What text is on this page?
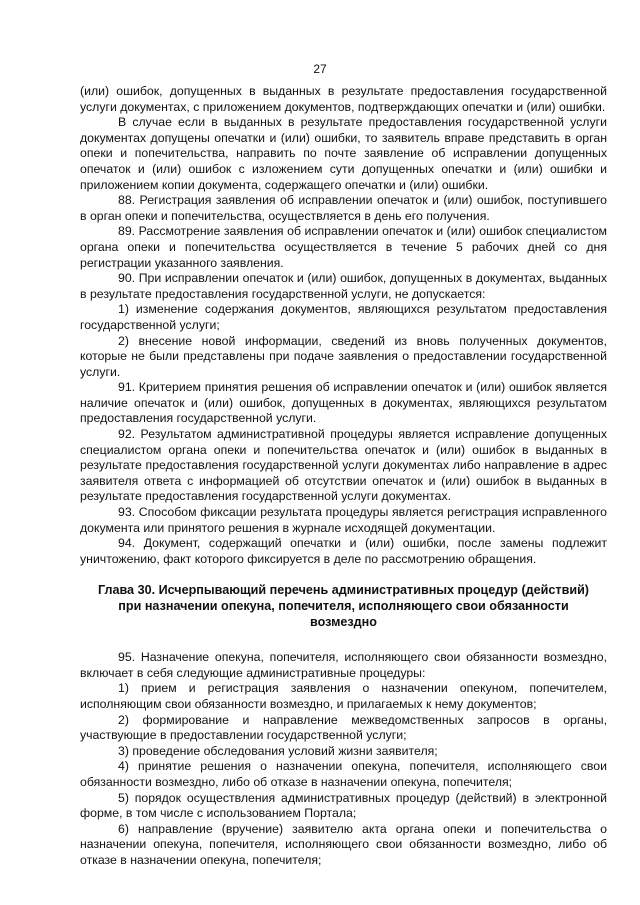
27

(или) ошибок, допущенных в выданных в результате предоставления государственной услуги документах, с приложением документов, подтверждающих опечатки и (или) ошибки.

В случае если в выданных в результате предоставления государственной услуги документах допущены опечатки и (или) ошибки, то заявитель вправе представить в орган опеки и попечительства, направить по почте заявление об исправлении допущенных опечаток и (или) ошибок с изложением сути допущенных опечатки и (или) ошибки и приложением копии документа, содержащего опечатки и (или) ошибки.

88. Регистрация заявления об исправлении опечаток и (или) ошибок, поступившего в орган опеки и попечительства, осуществляется в день его получения.

89. Рассмотрение заявления об исправлении опечаток и (или) ошибок специалистом органа опеки и попечительства осуществляется в течение 5 рабочих дней со дня регистрации указанного заявления.

90. При исправлении опечаток и (или) ошибок, допущенных в документах, выданных в результате предоставления государственной услуги, не допускается:

1) изменение содержания документов, являющихся результатом предоставления государственной услуги;

2) внесение новой информации, сведений из вновь полученных документов, которые не были представлены при подаче заявления о предоставлении государственной услуги.

91. Критерием принятия решения об исправлении опечаток и (или) ошибок является наличие опечаток и (или) ошибок, допущенных в документах, являющихся результатом предоставления государственной услуги.

92. Результатом административной процедуры является исправление допущенных специалистом органа опеки и попечительства опечаток и (или) ошибок в выданных в результате предоставления государственной услуги документах либо направление в адрес заявителя ответа с информацией об отсутствии опечаток и (или) ошибок в выданных в результате предоставления государственной услуги документах.

93. Способом фиксации результата процедуры является регистрация исправленного документа или принятого решения в журнале исходящей документации.

94. Документ, содержащий опечатки и (или) ошибки, после замены подлежит уничтожению, факт которого фиксируется в деле по рассмотрению обращения.

Глава 30. Исчерпывающий перечень административных процедур (действий)
при назначении опекуна, попечителя, исполняющего свои обязанности
возмездно

95. Назначение опекуна, попечителя, исполняющего свои обязанности возмездно, включает в себя следующие административные процедуры:

1) прием и регистрация заявления о назначении опекуном, попечителем, исполняющим свои обязанности возмездно, и прилагаемых к нему документов;

2) формирование и направление межведомственных запросов в органы, участвующие в предоставлении государственной услуги;

3) проведение обследования условий жизни заявителя;

4) принятие решения о назначении опекуна, попечителя, исполняющего свои обязанности возмездно, либо об отказе в назначении опекуна, попечителя;

5) порядок осуществления административных процедур (действий) в электронной форме, в том числе с использованием Портала;

6) направление (вручение) заявителю акта органа опеки и попечительства о назначении опекуна, попечителя, исполняющего свои обязанности возмездно, либо об отказе в назначении опекуна, попечителя;
